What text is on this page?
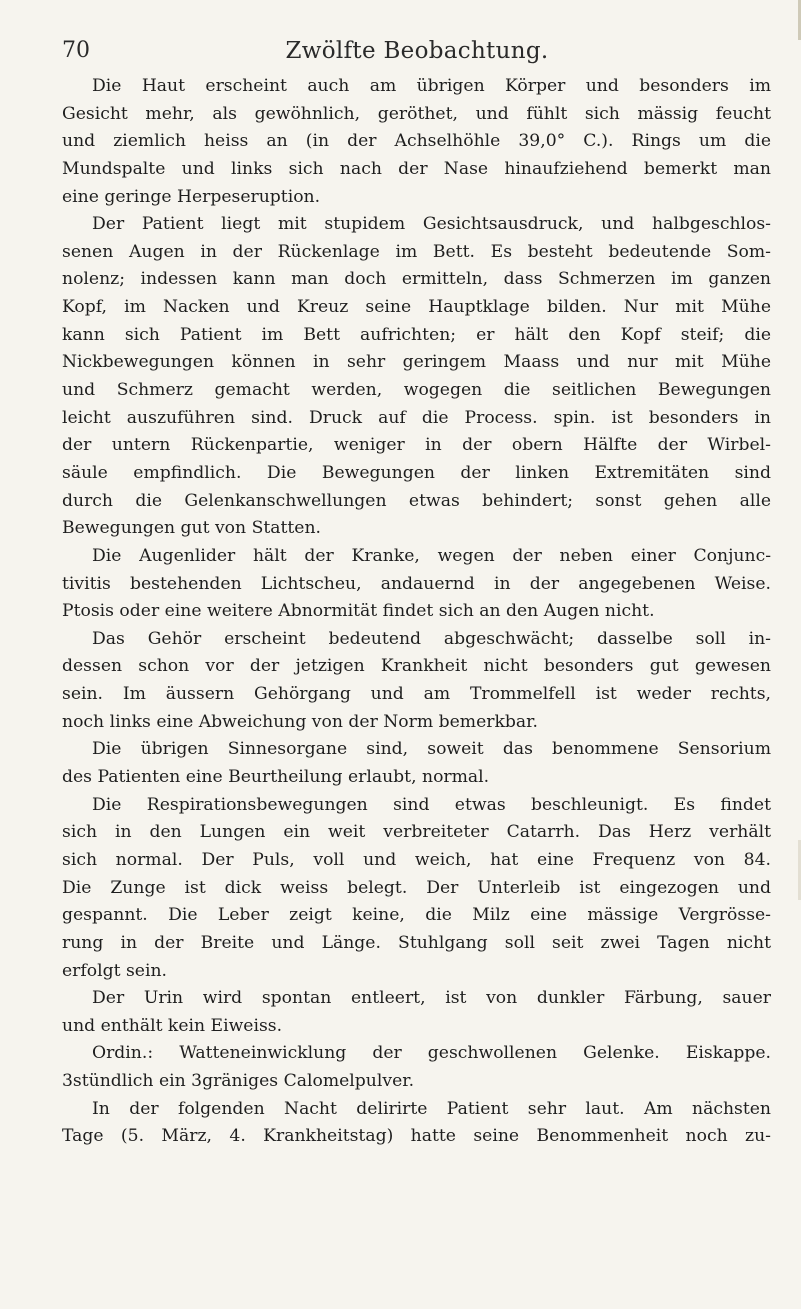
70	Zwölfte Beobachtung.
Die Haut erscheint auch am übrigen Körper und besonders im
Gesicht mehr, als gewöhnlich, geröthet, und fühlt sich mässig feucht
und ziemlich heiss an (in der Achselhöhle 39,0° C.). Rings um die
Mundspalte und links sich nach der Nase hinaufziehend bemerkt man
eine geringe Herpeseruption.
Der Patient liegt mit stupidem Gesichtsausdruck, und halbgeschlos-
senen Augen in der Rückenlage im Bett. Es besteht bedeutende Som-
nolenz; indessen kann man doch ermitteln, dass Schmerzen im ganzen
Kopf, im Nacken und Kreuz seine Hauptklage bilden. Nur mit Mühe
kann sich Patient im Bett aufrichten; er hält den Kopf steif; die
Nickbewegungen können in sehr geringem Maass und nur mit Mühe
und Schmerz gemacht werden, wogegen die seitlichen Bewegungen
leicht auszuführen sind. Druck auf die Process. spin. ist besonders in
der untern Rückenpartie, weniger in der obern Hälfte der Wirbel-
säule empfindlich. Die Bewegungen der linken Extremitäten sind
durch die Gelenkanschwellungen etwas behindert; sonst gehen alle
Bewegungen gut von Statten.
Die Augenlider hält der Kranke, wegen der neben einer Conjunc-
tivitis bestehenden Lichtscheu, andauernd in der angegebenen Weise.
Ptosis oder eine weitere Abnormität findet sich an den Augen nicht.
Das Gehör erscheint bedeutend abgeschwächt; dasselbe soll in-
dessen schon vor der jetzigen Krankheit nicht besonders gut gewesen
sein. Im äussern Gehörgang und am Trommelfell ist weder rechts,
noch links eine Abweichung von der Norm bemerkbar.
Die übrigen Sinnesorgane sind, soweit das benommene Sensorium
des Patienten eine Beurtheilung erlaubt, normal.
Die Respirationsbewegungen sind etwas beschleunigt. Es findet
sich in den Lungen ein weit verbreiteter Catarrh. Das Herz verhält
sich normal. Der Puls, voll und weich, hat eine Frequenz von 84.
Die Zunge ist dick weiss belegt. Der Unterleib ist eingezogen und
gespannt. Die Leber zeigt keine, die Milz eine mässige Vergrösse-
rung in der Breite und Länge. Stuhlgang soll seit zwei Tagen nicht
erfolgt sein.
Der Urin wird spontan entleert, ist von dunkler Färbung, sauer
und enthält kein Eiweiss.
Ordin.: Watteneinwicklung der geschwollenen Gelenke. Eiskappe.
3stündlich ein 3gräniges Calomelpulver.
In der folgenden Nacht delirirte Patient sehr laut. Am nächsten
Tage (5. März, 4. Krankheitstag) hatte seine Benommenheit noch zu-
